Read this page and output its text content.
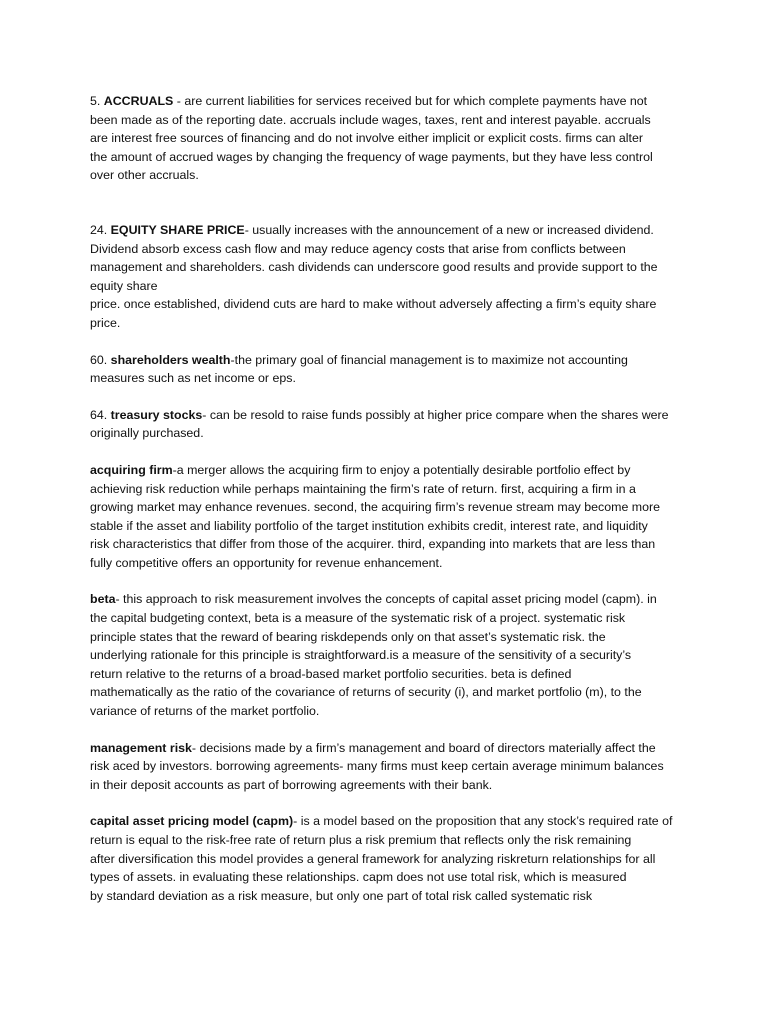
5. ACCRUALS - are current liabilities for services received but for which complete payments have not
been made as of the reporting date. accruals include wages, taxes, rent and interest payable. accruals
are interest free sources of financing and do not involve either implicit or explicit costs. firms can alter
the amount of accrued wages by changing the frequency of wage payments, but they have less control
over other accruals.

24. EQUITY SHARE PRICE- usually increases with the announcement of a new or increased dividend.
Dividend absorb excess cash flow and may reduce agency costs that arise from conflicts between
management and shareholders. cash dividends can underscore good results and provide support to the
equity share
price. once established, dividend cuts are hard to make without adversely affecting a firm’s equity share
price.

60. shareholders wealth-the primary goal of financial management is to maximize not accounting
measures such as net income or eps.

64. treasury stocks- can be resold to raise funds possibly at higher price compare when the shares were
originally purchased.

acquiring firm-a merger allows the acquiring firm to enjoy a potentially desirable portfolio effect by
achieving risk reduction while perhaps maintaining the firm’s rate of return. first, acquiring a firm in a
growing market may enhance revenues. second, the acquiring firm’s revenue stream may become more
stable if the asset and liability portfolio of the target institution exhibits credit, interest rate, and liquidity
risk characteristics that differ from those of the acquirer. third, expanding into markets that are less than
fully competitive offers an opportunity for revenue enhancement.

beta- this approach to risk measurement involves the concepts of capital asset pricing model (capm). in
the capital budgeting context, beta is a measure of the systematic risk of a project. systematic risk
principle states that the reward of bearing riskdepends only on that asset’s systematic risk. the
underlying rationale for this principle is straightforward.is a measure of the sensitivity of a security’s
return relative to the returns of a broad-based market portfolio securities. beta is defined
mathematically as the ratio of the covariance of returns of security (i), and market portfolio (m), to the
variance of returns of the market portfolio.

management risk- decisions made by a firm’s management and board of directors materially affect the
risk aced by investors. borrowing agreements- many firms must keep certain average minimum balances
in their deposit accounts as part of borrowing agreements with their bank.

capital asset pricing model (capm)- is a model based on the proposition that any stock’s required rate of
return is equal to the risk-free rate of return plus a risk premium that reflects only the risk remaining
after diversification this model provides a general framework for analyzing riskreturn relationships for all
types of assets. in evaluating these relationships. capm does not use total risk, which is measured
by standard deviation as a risk measure, but only one part of total risk called systematic risk
